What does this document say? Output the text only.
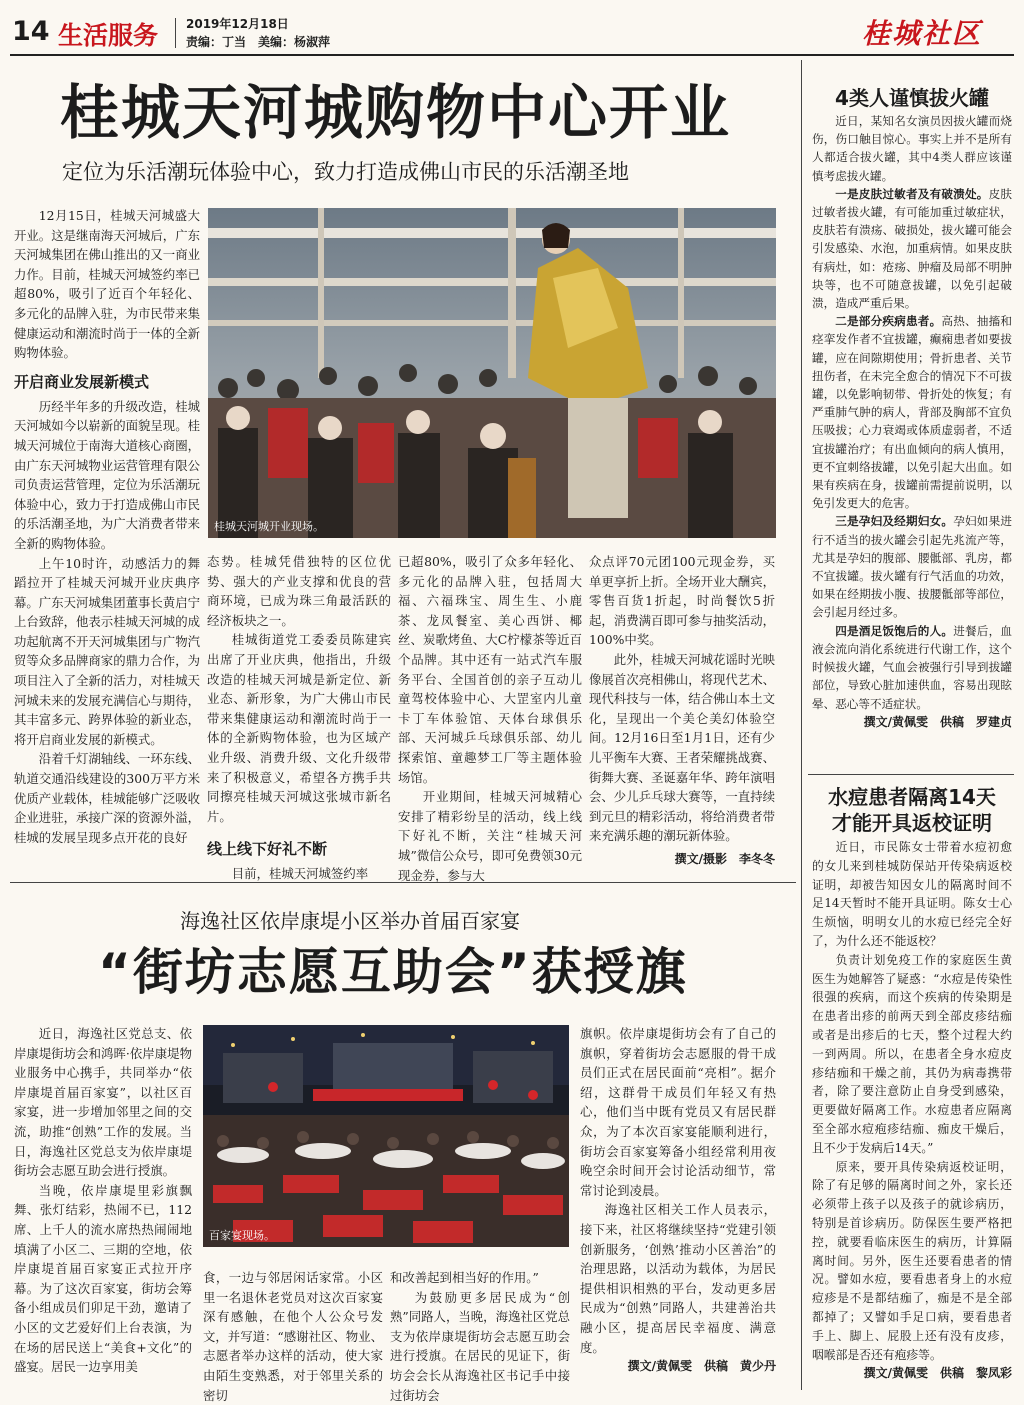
14 生活服务 2019年12月18日
责编：丁当　美编：杨淑萍	桂城社区
桂城天河城购物中心开业
定位为乐活潮玩体验中心，致力打造成佛山市民的乐活潮圣地

12月15日，桂城天河城盛大开业。这是继南海天河城后，广东天河城集团在佛山推出的又一商业力作。目前，桂城天河城签约率已超80%，吸引了近百个年轻化、多元化的品牌入驻，为市民带来集健康运动和潮流时尚于一体的全新购物体验。

开启商业发展新模式

历经半年多的升级改造，桂城天河城如今以崭新的面貌呈现。桂城天河城位于南海大道核心商圈，由广东天河城物业运营管理有限公司负责运营管理，定位为乐活潮玩体验中心，致力于打造成佛山市民的乐活潮圣地，为广大消费者带来全新的购物体验。

上午10时许，动感活力的舞蹈拉开了桂城天河城开业庆典序幕。广东天河城集团董事长黄启宁上台致辞，他表示桂城天河城的成功起航离不开天河城集团与广物汽贸等众多品牌商家的鼎力合作，为项目注入了全新的活力，对桂城天河城未来的发展充满信心与期待，其丰富多元、跨界体验的新业态，将开启商业发展的新模式。

沿着千灯湖轴线、一环东线、轨道交通沿线建设的300万平方米优质产业载体，桂城能够广泛吸收企业进驻，承接广深的资源外溢，桂城的发展呈现多点开花的良好

桂城天河城开业现场。

态势。桂城凭借独特的区位优势、强大的产业支撑和优良的营商环境，已成为珠三角最活跃的经济板块之一。

桂城街道党工委委员陈建宾出席了开业庆典，他指出，升级改造的桂城天河城是新定位、新业态、新形象，为广大佛山市民带来集健康运动和潮流时尚于一体的全新购物体验，也为区域产业升级、消费升级、文化升级带来了积极意义，希望各方携手共同擦亮桂城天河城这张城市新名片。

线上线下好礼不断

目前，桂城天河城签约率

已超80%，吸引了众多年轻化、多元化的品牌入驻，包括周大福、六福珠宝、周生生、小鹿茶、龙凤餐室、美心西饼、椰丝、炭歌烤鱼、大C柠檬茶等近百个品牌。其中还有一站式汽车服务平台、全国首创的亲子互动儿童驾校体验中心、大罡室内儿童卡丁车体验馆、天体台球俱乐部、天河城乒乓球俱乐部、幼儿探索馆、童趣梦工厂等主题体验场馆。

开业期间，桂城天河城精心安排了精彩纷呈的活动，线上线下好礼不断，关注“桂城天河城”微信公众号，即可免费领30元现金券，参与大

众点评70元团100元现金券，买单更享折上折。全场开业大酬宾，零售百货1折起，时尚餐饮5折起，消费满百即可参与抽奖活动，100%中奖。

此外，桂城天河城花谣时光映像展首次亮相佛山，将现代艺术、现代科技与一体，结合佛山本土文化，呈现出一个美仑美幻体验空间。12月16日至1月1日，还有少儿平衡车大赛、王者荣耀挑战赛、街舞大赛、圣诞嘉年华、跨年演唱会、少儿乒乓球大赛等，一直持续到元旦的精彩活动，将给消费者带来充满乐趣的潮玩新体验。

撰文/摄影　李冬冬
海逸社区依岸康堤小区举办首届百家宴
“街坊志愿互助会”获授旗

近日，海逸社区党总支、依岸康堤街坊会和鸿晖·依岸康堤物业服务中心携手，共同举办“依岸康堤首届百家宴”，以社区百家宴，进一步增加邻里之间的交流，助推“创熟”工作的发展。当日，海逸社区党总支为依岸康堤街坊会志愿互助会进行授旗。

当晚，依岸康堤里彩旗飘舞、张灯结彩，热闹不已，112席、上千人的流水席热热闹闹地填满了小区二、三期的空地，依岸康堤首届百家宴正式拉开序幕。为了这次百家宴，街坊会筹备小组成员们卯足干劲，邀请了小区的文艺爱好们上台表演，为在场的居民送上“美食+文化”的盛宴。居民一边享用美

百家宴现场。

食，一边与邻居闲话家常。小区里一名退休老党员对这次百家宴深有感触，在他个人公众号发文，并写道：“感谢社区、物业、志愿者举办这样的活动，使大家由陌生变熟悉，对于邻里关系的密切

和改善起到相当好的作用。”

为鼓励更多居民成为“创熟”同路人，当晚，海逸社区党总支为依岸康堤街坊会志愿互助会进行授旗。在居民的见证下，街坊会会长从海逸社区书记手中接过街坊会

旗帜。依岸康堤街坊会有了自己的旗帜，穿着街坊会志愿服的骨干成员们正式在居民面前“亮相”。据介绍，这群骨干成员们年轻又有热心，他们当中既有党员又有居民群众，为了本次百家宴能顺利进行，街坊会百家宴筹备小组经常利用夜晚空余时间开会讨论活动细节，常常讨论到凌晨。

海逸社区相关工作人员表示，接下来，社区将继续坚持“党建引领创新服务，‘创熟’推动小区善治”的治理思路，以活动为载体，为居民提供相识相熟的平台，发动更多居民成为“创熟”同路人，共建善治共融小区，提高居民幸福度、满意度。

撰文/黄佩雯　供稿　黄少丹
4类人谨慎拔火罐

近日，某知名女演员因拔火罐而烧伤，伤口触目惊心。事实上并不是所有人都适合拔火罐，其中4类人群应该谨慎考虑拔火罐。

一是皮肤过敏者及有破溃处。皮肤过敏者拔火罐，有可能加重过敏症状，皮肤若有溃疡、破损处，拔火罐可能会引发感染、水泡，加重病情。如果皮肤有病灶，如：疮疡、肿瘤及局部不明肿块等，也不可随意拔罐，以免引起破溃，造成严重后果。

二是部分疾病患者。高热、抽搐和痉挛发作者不宜拔罐，癫痫患者如要拔罐，应在间隙期使用；骨折患者、关节扭伤者，在未完全愈合的情况下不可拔罐，以免影响韧带、骨折处的恢复；有严重肺气肿的病人，背部及胸部不宜负压吸拔；心力衰竭或体质虚弱者，不适宜拔罐治疗；有出血倾向的病人慎用，更不宜刺络拔罐，以免引起大出血。如果有疾病在身，拔罐前需提前说明，以免引发更大的危害。

三是孕妇及经期妇女。孕妇如果进行不适当的拔火罐会引起先兆流产等，尤其是孕妇的腹部、腰骶部、乳房，都不宜拔罐。拔火罐有行气活血的功效，如果在经期拔小腹、拔腰骶部等部位，会引起月经过多。

四是酒足饭饱后的人。进餐后，血液会流向消化系统进行代谢工作，这个时候拔火罐，气血会被强行引导到拔罐部位，导致心脏加速供血，容易出现眩晕、恶心等不适症状。

撰文/黄佩雯　供稿　罗建贞
水痘患者隔离14天
才能开具返校证明

近日，市民陈女士带着水痘初愈的女儿来到桂城防保站开传染病返校证明，却被告知因女儿的隔离时间不足14天暂时不能开具证明。陈女士心生烦恼，明明女儿的水痘已经完全好了，为什么还不能返校？

负责计划免疫工作的家庭医生黄医生为她解答了疑惑：“水痘是传染性很强的疾病，而这个疾病的传染期是在患者出疹的前两天到全部皮疹结痂或者是出疹后的七天，整个过程大约一到两周。所以，在患者全身水痘皮疹结痂和干燥之前，其仍为病毒携带者，除了要注意防止自身受到感染，更要做好隔离工作。水痘患者应隔离至全部水痘疱疹结痂、痂皮干燥后，且不少于发病后14天。”

原来，要开具传染病返校证明，除了有足够的隔离时间之外，家长还必须带上孩子以及孩子的就诊病历，特别是首诊病历。防保医生要严格把控，就要看临床医生的病历，计算隔离时间。另外，医生还要看患者的情况。譬如水痘，要看患者身上的水痘痘疹是不是都结痂了，痂是不是全部都掉了；又譬如手足口病，要看患者手上、脚上、屁股上还有没有皮疹，咽喉部是否还有疱疹等。

撰文/黄佩雯　供稿　黎凤彩
